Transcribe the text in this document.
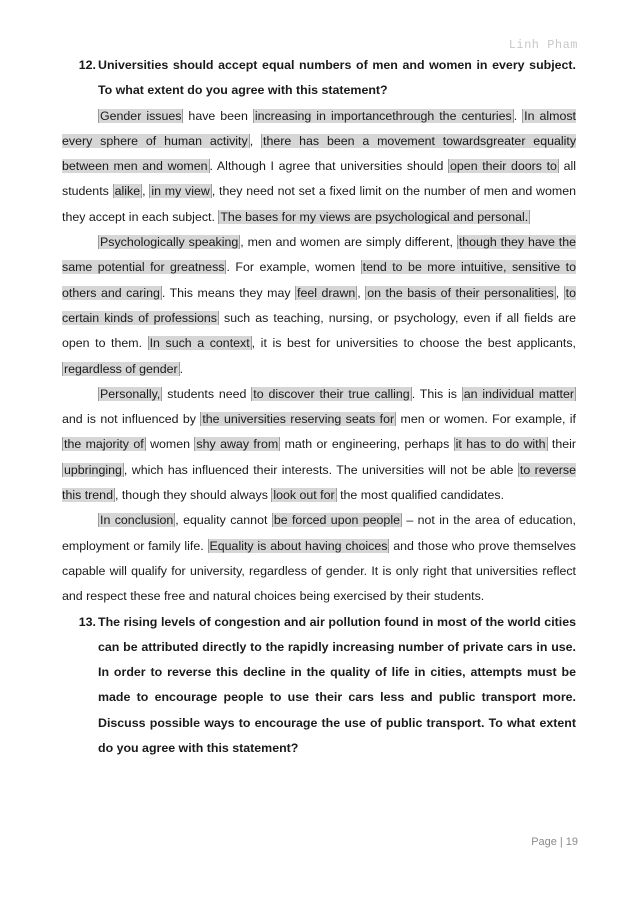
Linh Pham
12. Universities should accept equal numbers of men and women in every subject. To what extent do you agree with this statement?

Gender issues have been increasing in importancethrough the centuries . In almost every sphere of human activity , there has been a movement towardsgreater equality between men and women . Although I agree that universities should open their doors to all students alike , in my view , they need not set a fixed limit on the number of men and women they accept in each subject. The bases for my views are psychological and personal.

Psychologically speaking , men and women are simply different, though they have the same potential for greatness . For example, women tend to be more intuitive, sensitive to others and caring . This means they may feel drawn , on the basis of their personalities , to certain kinds of professions such as teaching, nursing, or psychology, even if all fields are open to them. In such a context , it is best for universities to choose the best applicants, regardless of gender .

Personally, students need to discover their true calling . This is an individual matter and is not influenced by the universities reserving seats for men or women. For example, if the majority of women shy away from math or engineering, perhaps it has to do with their upbringing , which has influenced their interests. The universities will not be able to reverse this trend , though they should always look out for the most qualified candidates.

In conclusion , equality cannot be forced upon people – not in the area of education, employment or family life. Equality is about having choices and those who prove themselves capable will qualify for university, regardless of gender. It is only right that universities reflect and respect these free and natural choices being exercised by their students.

13. The rising levels of congestion and air pollution found in most of the world cities can be attributed directly to the rapidly increasing number of private cars in use. In order to reverse this decline in the quality of life in cities, attempts must be made to encourage people to use their cars less and public transport more. Discuss possible ways to encourage the use of public transport. To what extent do you agree with this statement?
Page | 19
